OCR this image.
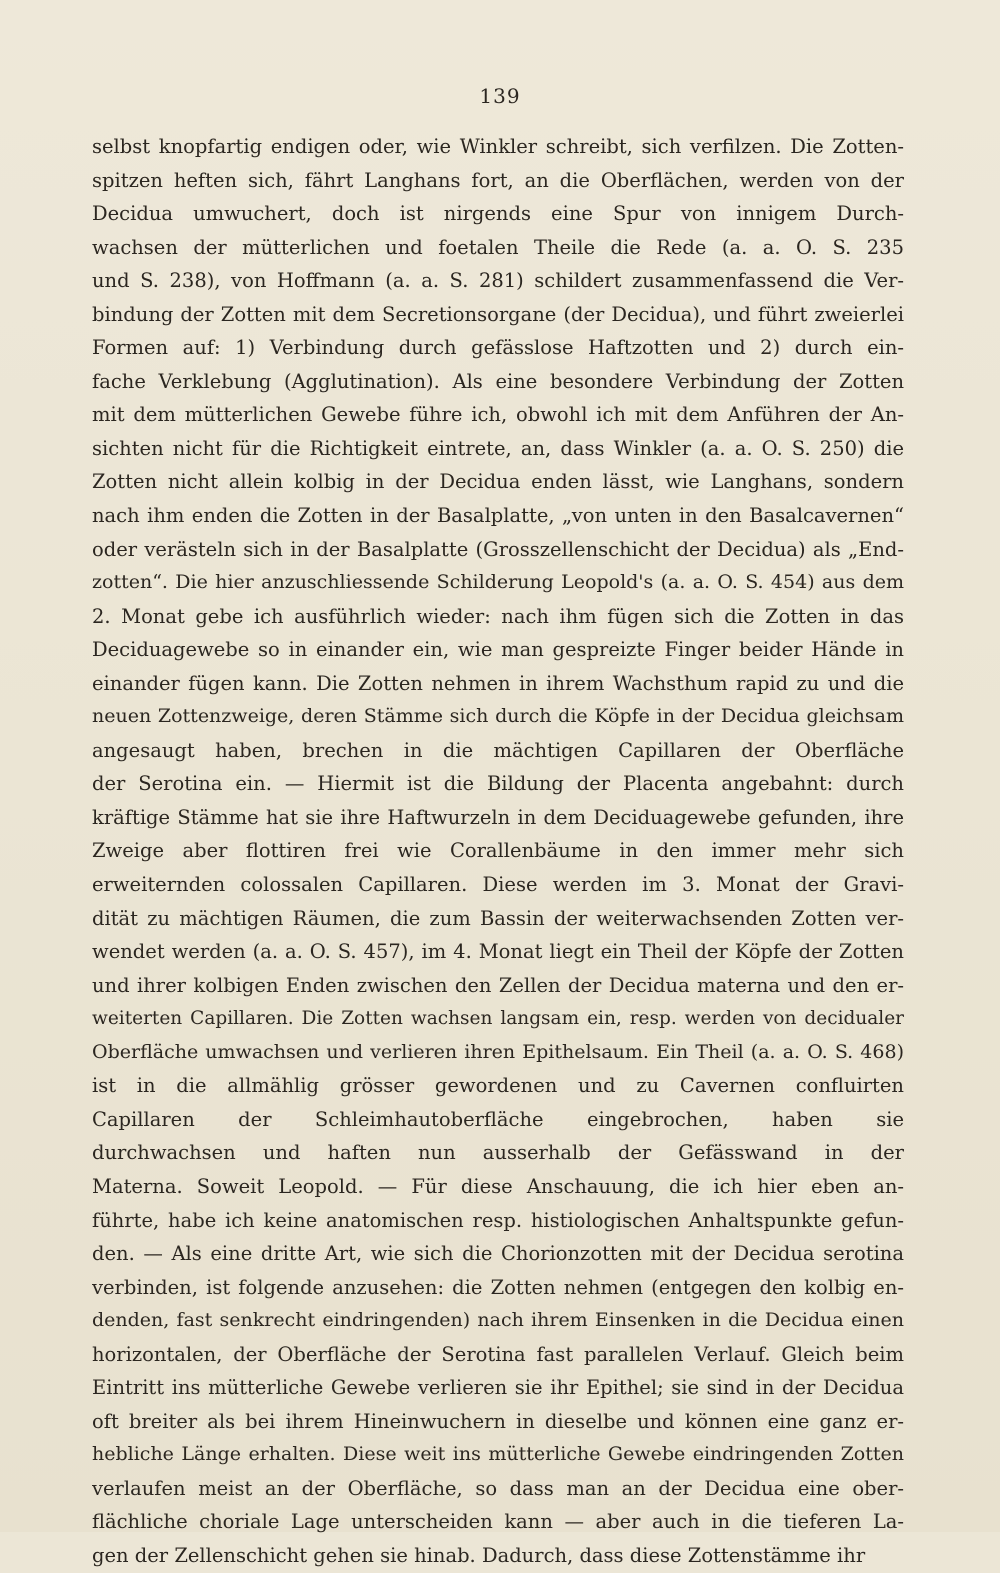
139
selbst knopfartig endigen oder, wie Winkler schreibt, sich verfilzen. Die Zotten-
spitzen heften sich, fährt Langhans fort, an die Oberflächen, werden von der
Decidua umwuchert, doch ist nirgends eine Spur von innigem Durch-
wachsen der mütterlichen und foetalen Theile die Rede (a. a. O. S. 235
und S. 238), von Hoffmann (a. a. S. 281) schildert zusammenfassend die Ver-
bindung der Zotten mit dem Secretionsorgane (der Decidua), und führt zweierlei
Formen auf: 1) Verbindung durch gefässlose Haftzotten und 2) durch ein-
fache Verklebung (Agglutination). Als eine besondere Verbindung der Zotten
mit dem mütterlichen Gewebe führe ich, obwohl ich mit dem Anführen der An-
sichten nicht für die Richtigkeit eintrete, an, dass Winkler (a. a. O. S. 250) die
Zotten nicht allein kolbig in der Decidua enden lässt, wie Langhans, sondern
nach ihm enden die Zotten in der Basalplatte, „von unten in den Basalcavernen“
oder verästeln sich in der Basalplatte (Grosszellenschicht der Decidua) als „End-
zotten“. Die hier anzuschliessende Schilderung Leopold's (a. a. O. S. 454) aus dem
2. Monat gebe ich ausführlich wieder: nach ihm fügen sich die Zotten in das
Deciduagewebe so in einander ein, wie man gespreizte Finger beider Hände in
einander fügen kann. Die Zotten nehmen in ihrem Wachsthum rapid zu und die
neuen Zottenzweige, deren Stämme sich durch die Köpfe in der Decidua gleichsam
angesaugt haben, brechen in die mächtigen Capillaren der Oberfläche
der Serotina ein. — Hiermit ist die Bildung der Placenta angebahnt: durch
kräftige Stämme hat sie ihre Haftwurzeln in dem Deciduagewebe gefunden, ihre
Zweige aber flottiren frei wie Corallenbäume in den immer mehr sich
erweiternden colossalen Capillaren. Diese werden im 3. Monat der Gravi-
dität zu mächtigen Räumen, die zum Bassin der weiterwachsenden Zotten ver-
wendet werden (a. a. O. S. 457), im 4. Monat liegt ein Theil der Köpfe der Zotten
und ihrer kolbigen Enden zwischen den Zellen der Decidua materna und den er-
weiterten Capillaren. Die Zotten wachsen langsam ein, resp. werden von decidualer
Oberfläche umwachsen und verlieren ihren Epithelsaum. Ein Theil (a. a. O. S. 468)
ist in die allmählig grösser gewordenen und zu Cavernen confluirten
Capillaren der Schleimhautoberfläche eingebrochen, haben sie
durchwachsen und haften nun ausserhalb der Gefässwand in der
Materna. Soweit Leopold. — Für diese Anschauung, die ich hier eben an-
führte, habe ich keine anatomischen resp. histiologischen Anhaltspunkte gefun-
den. — Als eine dritte Art, wie sich die Chorionzotten mit der Decidua serotina
verbinden, ist folgende anzusehen: die Zotten nehmen (entgegen den kolbig en-
denden, fast senkrecht eindringenden) nach ihrem Einsenken in die Decidua einen
horizontalen, der Oberfläche der Serotina fast parallelen Verlauf. Gleich beim
Eintritt ins mütterliche Gewebe verlieren sie ihr Epithel; sie sind in der Decidua
oft breiter als bei ihrem Hineinwuchern in dieselbe und können eine ganz er-
hebliche Länge erhalten. Diese weit ins mütterliche Gewebe eindringenden Zotten
verlaufen meist an der Oberfläche, so dass man an der Decidua eine ober-
flächliche choriale Lage unterscheiden kann — aber auch in die tieferen La-
gen der Zellenschicht gehen sie hinab. Dadurch, dass diese Zottenstämme ihr
